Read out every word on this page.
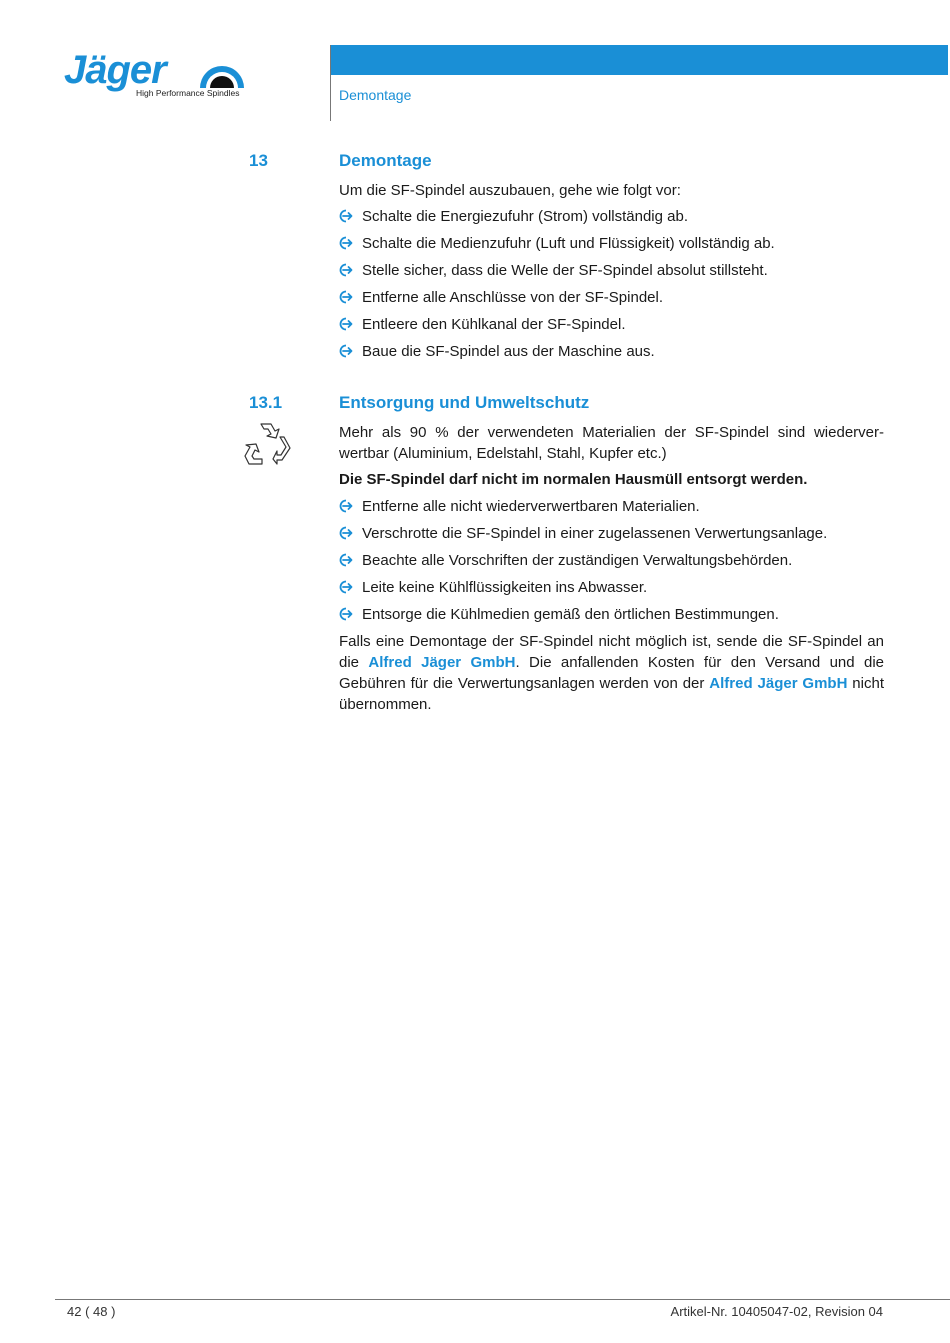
Jäger
High Performance Spindles	Demontage
13	Demontage
Um die SF-Spindel auszubauen, gehe wie folgt vor:
Schalte die Energiezufuhr (Strom) vollständig ab.
Schalte die Medienzufuhr (Luft und Flüssigkeit) vollständig ab.
Stelle sicher, dass die Welle der SF-Spindel absolut stillsteht.
Entferne alle Anschlüsse von der SF-Spindel.
Entleere den Kühlkanal der SF-Spindel.
Baue die SF-Spindel aus der Maschine aus.
13.1	Entsorgung und Umweltschutz
Mehr als 90 % der verwendeten Materialien der SF-Spindel sind wiederver-
wertbar (Aluminium, Edelstahl, Stahl, Kupfer etc.)
Die SF-Spindel darf nicht im normalen Hausmüll entsorgt werden.
Entferne alle nicht wiederverwertbaren Materialien.
Verschrotte die SF-Spindel in einer zugelassenen Verwertungsanlage.
Beachte alle Vorschriften der zuständigen Verwaltungsbehörden.
Leite keine Kühlflüssigkeiten ins Abwasser.
Entsorge die Kühlmedien gemäß den örtlichen Bestimmungen.
Falls eine Demontage der SF-Spindel nicht möglich ist, sende die SF-Spindel an die Alfred Jäger GmbH. Die anfallenden Kosten für den Versand und die Gebühren für die Verwertungsanlagen werden von der Alfred Jäger GmbH nicht übernommen.
42 ( 48 )	Artikel-Nr. 10405047-02, Revision 04
